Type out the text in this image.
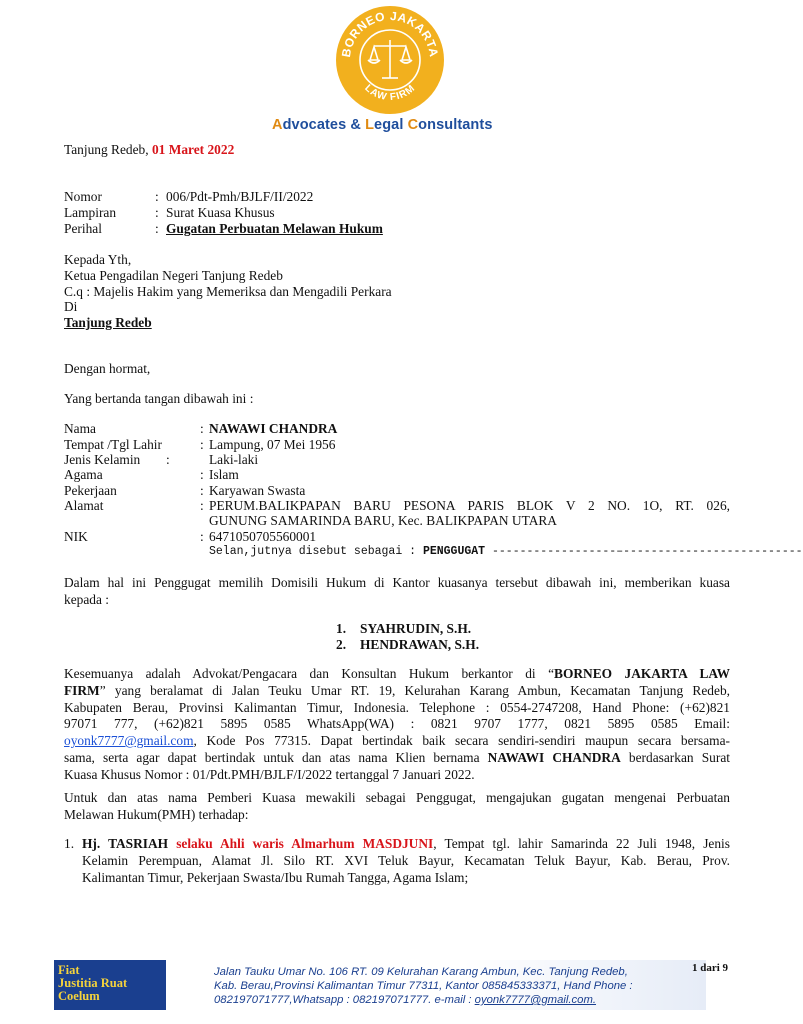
BORNEO JAKARTA
LAW FIRM
Advocates & Legal Consultants
Tanjung Redeb, 01 Maret 2022
Nomor	: 006/Pdt-Pmh/BJLF/II/2022
Lampiran	: Surat Kuasa Khusus
Perihal	: Gugatan Perbuatan Melawan Hukum
Kepada Yth,
Ketua Pengadilan Negeri Tanjung Redeb
C.q : Majelis Hakim yang Memeriksa dan Mengadili Perkara
Di
Tanjung Redeb
Dengan hormat,
Yang bertanda tangan dibawah ini :
Nama	: NAWAWI CHANDRA
Tempat /Tgl Lahir	: Lampung, 07 Mei 1956
Jenis Kelamin :	Laki-laki
Agama	: Islam
Pekerjaan	: Karyawan Swasta
Alamat	: PERUM.BALIKPAPAN BARU PESONA PARIS BLOK V 2 NO. 1O, RT. 026,
GUNUNG SAMARINDA BARU, Kec. BALIKPAPAN UTARA
NIK	: 6471050705560001
Selan,jutnya disebut sebagai : PENGGUGAT ------------------–--------------------------
Dalam hal ini Penggugat memilih Domisili Hukum di Kantor kuasanya tersebut dibawah ini, memberikan kuasa
kepada :
1. SYAHRUDIN, S.H.
2. HENDRAWAN, S.H.
Kesemuanya adalah Advokat/Pengacara dan Konsultan Hukum berkantor di “BORNEO JAKARTA LAW
FIRM” yang beralamat di Jalan Teuku Umar RT. 19, Kelurahan Karang Ambun, Kecamatan Tanjung Redeb,
Kabupaten Berau, Provinsi Kalimantan Timur, Indonesia. Telephone : 0554-2747208, Hand Phone: (+62)821
97071 777, (+62)821 5895 0585 WhatsApp(WA) : 0821 9707 1777, 0821 5895 0585 Email:
oyonk7777@gmail.com, Kode Pos 77315. Dapat bertindak baik secara sendiri-sendiri maupun secara bersama-
sama, serta agar dapat bertindak untuk dan atas nama Klien bernama NAWAWI CHANDRA berdasarkan Surat
Kuasa Khusus Nomor : 01/Pdt.PMH/BJLF/I/2022 tertanggal 7 Januari 2022.
Untuk dan atas nama Pemberi Kuasa mewakili sebagai Penggugat, mengajukan gugatan mengenai Perbuatan
Melawan Hukum(PMH) terhadap:
1. Hj. TASRIAH selaku Ahli waris Almarhum MASDJUNI, Tempat tgl. lahir Samarinda 22 Juli 1948, Jenis
Kelamin Perempuan, Alamat Jl. Silo RT. XVI Teluk Bayur, Kecamatan Teluk Bayur, Kab. Berau, Prov.
Kalimantan Timur, Pekerjaan Swasta/Ibu Rumah Tangga, Agama Islam;
Fiat
Justitia Ruat
Coelum
Jalan Tauku Umar No. 106 RT. 09 Kelurahan Karang Ambun, Kec. Tanjung Redeb,
Kab. Berau,Provinsi Kalimantan Timur 77311, Kantor 085845333371, Hand Phone :
082197071777,Whatsapp : 082197071777. e-mail : oyonk7777@gmail.com.
1 dari 9
